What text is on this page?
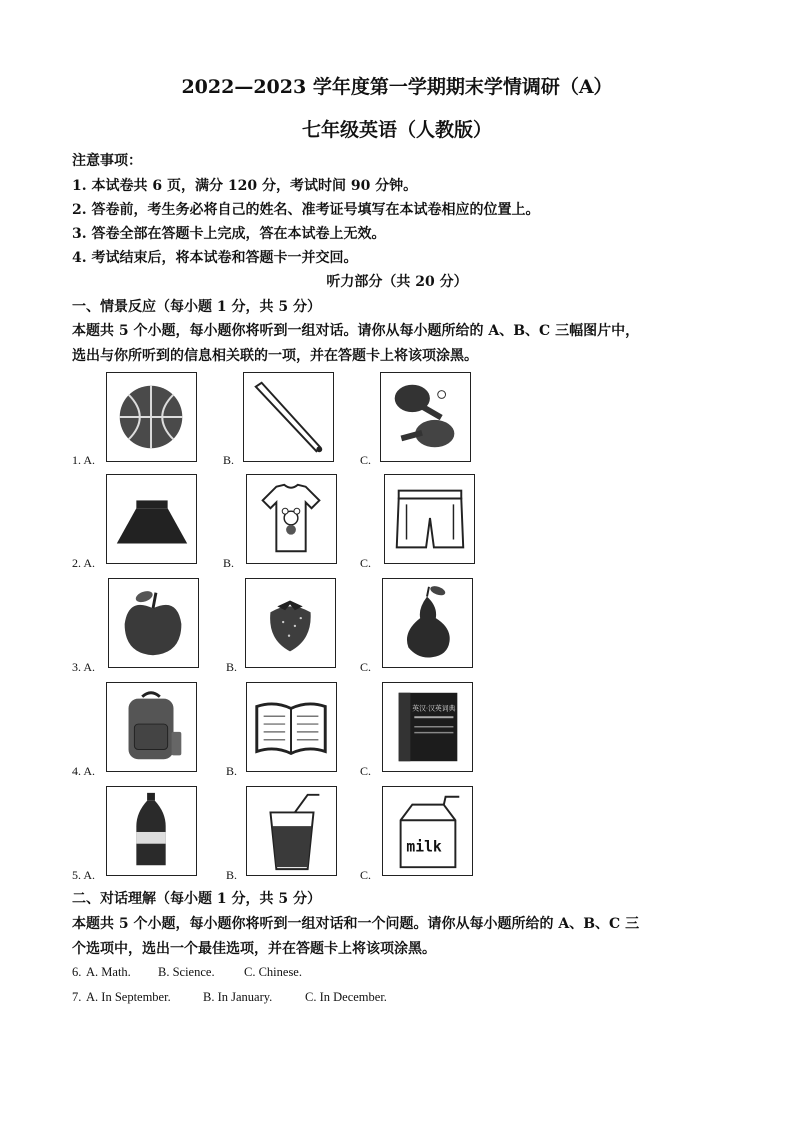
2022—2023 学年度第一学期期末学情调研（A）
七年级英语（人教版）
注意事项：
1. 本试卷共 6 页，满分 120 分，考试时间 90 分钟。
2. 答卷前，考生务必将自己的姓名、准考证号填写在本试卷相应的位置上。
3. 答卷全部在答题卡上完成，答在本试卷上无效。
4. 考试结束后，将本试卷和答题卡一并交回。
听力部分（共 20 分）
一、情景反应（每小题 1 分，共 5 分）
本题共 5 个小题，每小题你将听到一组对话。请你从每小题所给的 A、B、C 三幅图片中，
选出与你所听到的信息相关联的一项，并在答题卡上将该项涂黑。
1. A.	B.	C.
2. A.	B.	C.
3. A.	B.	C.
4. A.	B.	C.
英汉·汉英词典
5. A.	B.	C.
milk
二、对话理解（每小题 1 分，共 5 分）
本题共 5 个小题，每小题你将听到一组对话和一个问题。请你从每小题所给的 A、B、C 三
个选项中，选出一个最佳选项，并在答题卡上将该项涂黑。
6. A. Math. B. Science. C. Chinese.
7. A. In September.	B. In January.	C. In December.
